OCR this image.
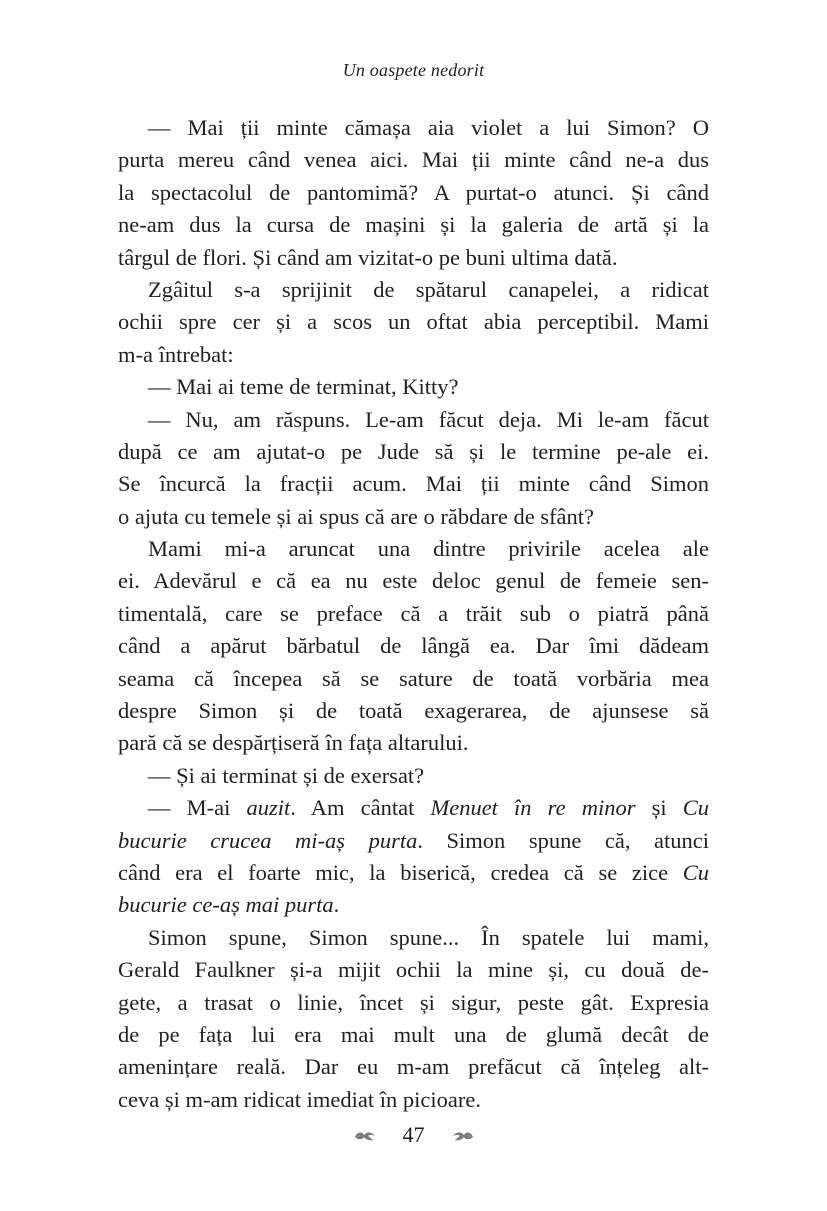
Un oaspete nedorit
— Mai ții minte cămașa aia violet a lui Simon? O
purta mereu când venea aici. Mai ții minte când ne-a dus
la spectacolul de pantomimă? A purtat-o atunci. Și când
ne-am dus la cursa de mașini și la galeria de artă și la
târgul de flori. Și când am vizitat-o pe buni ultima dată.
Zgâitul s-a sprijinit de spătarul canapelei, a ridicat
ochii spre cer și a scos un oftat abia perceptibil. Mami
m-a întrebat:
— Mai ai teme de terminat, Kitty?
— Nu, am răspuns. Le-am făcut deja. Mi le-am făcut
după ce am ajutat-o pe Jude să și le termine pe-ale ei.
Se încurcă la fracții acum. Mai ții minte când Simon
o ajuta cu temele și ai spus că are o răbdare de sfânt?
Mami mi-a aruncat una dintre privirile acelea ale
ei. Adevărul e că ea nu este deloc genul de femeie sen-
timentală, care se preface că a trăit sub o piatră până
când a apărut bărbatul de lângă ea. Dar îmi dădeam
seama că începea să se sature de toată vorbăria mea
despre Simon și de toată exagerarea, de ajunsese să
pară că se despărțiseră în fața altarului.
— Și ai terminat și de exersat?
— M-ai auzit. Am cântat Menuet în re minor și Cu
bucurie crucea mi-aș purta. Simon spune că, atunci
când era el foarte mic, la biserică, credea că se zice Cu
bucurie ce-aș mai purta.
Simon spune, Simon spune... În spatele lui mami,
Gerald Faulkner și-a mijit ochii la mine și, cu două de-
gete, a trasat o linie, încet și sigur, peste gât. Expresia
de pe fața lui era mai mult una de glumă decât de
amenințare reală. Dar eu m-am prefăcut că înțeleg alt-
ceva și m-am ridicat imediat în picioare.
47
